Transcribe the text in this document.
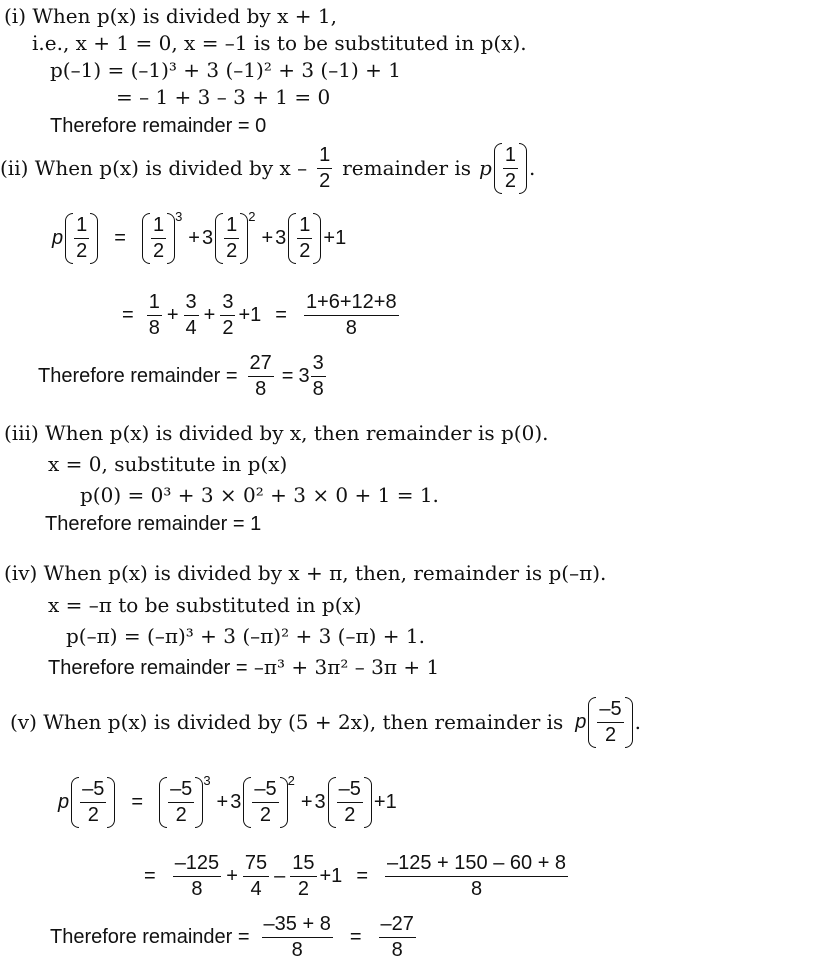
(i) When p(x) is divided by x + 1,
i.e., x + 1 = 0, x = –1 is to be substituted in p(x).
p(–1) = (–1)³ + 3 (–1)² + 3 (–1) + 1
= – 1 + 3 – 3 + 1 = 0
Therefore remainder = 0
(ii) When p(x) is divided by x – $\frac{1}{2}$ remainder is p $\frac{1}{2}$ .
p $\frac{1}{2} = \frac{1}{2} 3$
+ $3 \frac{1}{2} 2$
+ $3 \frac{1}{2} +1$
= $\frac{1}{8} + \frac{3}{4} + \frac{3}{2} +1 = \frac{1+6+12+8}{8}$
Therefore remainder = $\frac{27}{8} = 3 \frac{3}{8}$
(iii) When p(x) is divided by x, then remainder is p(0).
x = 0, substitute in p(x)
p(0) = 0³ + 3 × 0² + 3 × 0 + 1 = 1.
Therefore remainder = 1
(iv) When p(x) is divided by x + π, then, remainder is p(–π).
x = –π to be substituted in p(x)
p(–π) = (–π)³ + 3 (–π)² + 3 (–π) + 1.
Therefore remainder = –π³ + 3π² – 3π + 1
(v) When p(x) is divided by (5 + 2x), then remainder is p $\frac{-5}{2}$ .
p $\frac{-5}{2} = \frac{-5}{2} 3$
+ $3 \frac{-5}{2} 2$
+ $3 \frac{-5}{2} +1$
= $\frac{-125}{8} + \frac{75}{4} - \frac{15}{2} +1 = \frac{-125 + 150 - 60 + 8}{8}$
Therefore remainder = $\frac{-35 + 8}{8} = \frac{-27}{8}$
